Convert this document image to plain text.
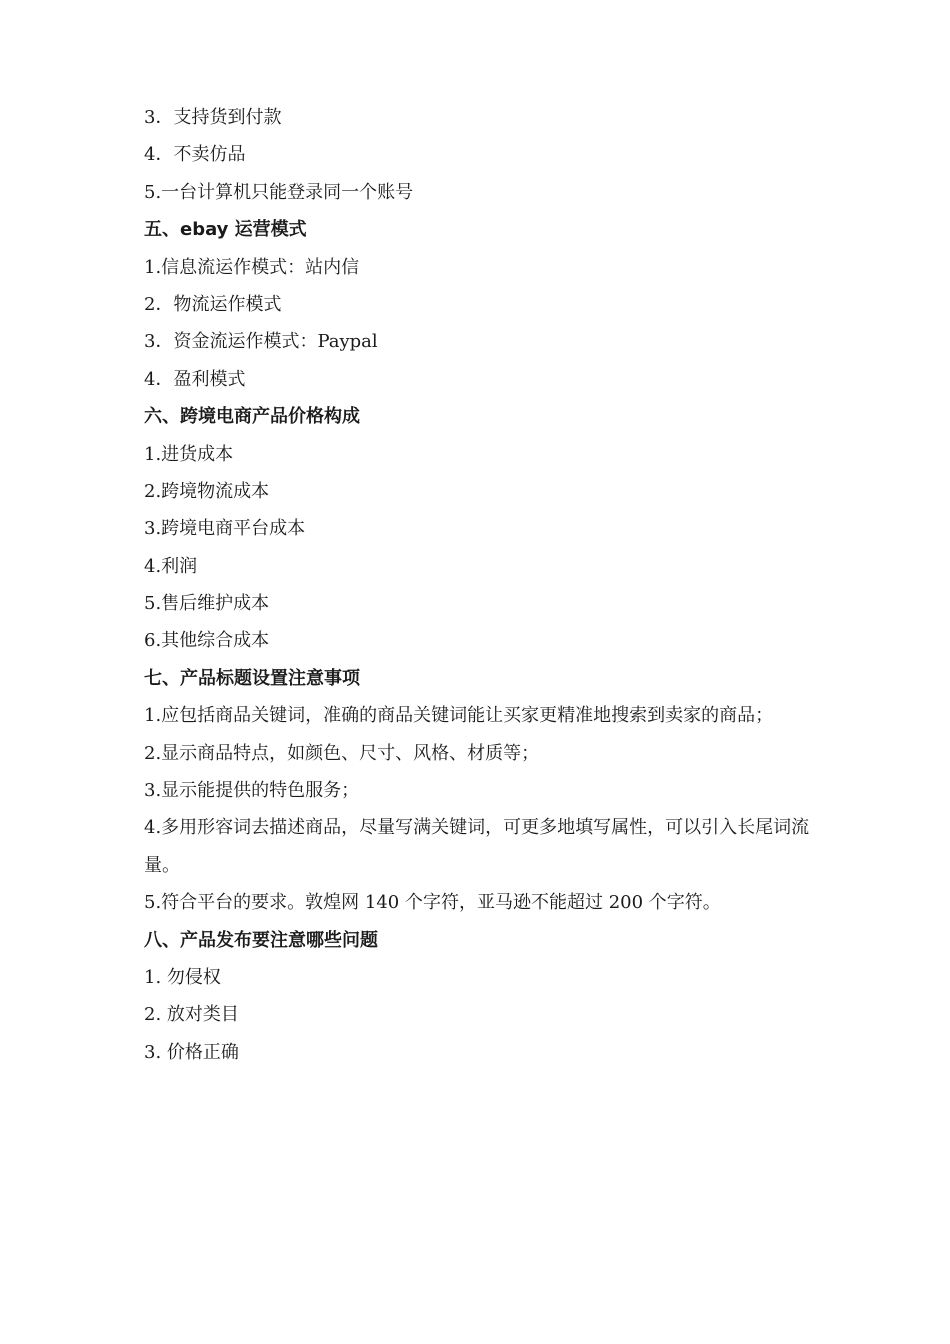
3．支持货到付款

4．不卖仿品

5.一台计算机只能登录同一个账号

五、ebay 运营模式

1.信息流运作模式：站内信

2．物流运作模式

3．资金流运作模式：Paypal

4．盈利模式

六、跨境电商产品价格构成

1.进货成本

2.跨境物流成本

3.跨境电商平台成本

4.利润

5.售后维护成本

6.其他综合成本

七、产品标题设置注意事项

1.应包括商品关键词，准确的商品关键词能让买家更精准地搜索到卖家的商品；

2.显示商品特点，如颜色、尺寸、风格、材质等；

3.显示能提供的特色服务；

4.多用形容词去描述商品，尽量写满关键词，可更多地填写属性，可以引入长尾词流量。

5.符合平台的要求。敦煌网 140 个字符，亚马逊不能超过 200 个字符。

八、产品发布要注意哪些问题

1. 勿侵权

2. 放对类目

3. 价格正确
